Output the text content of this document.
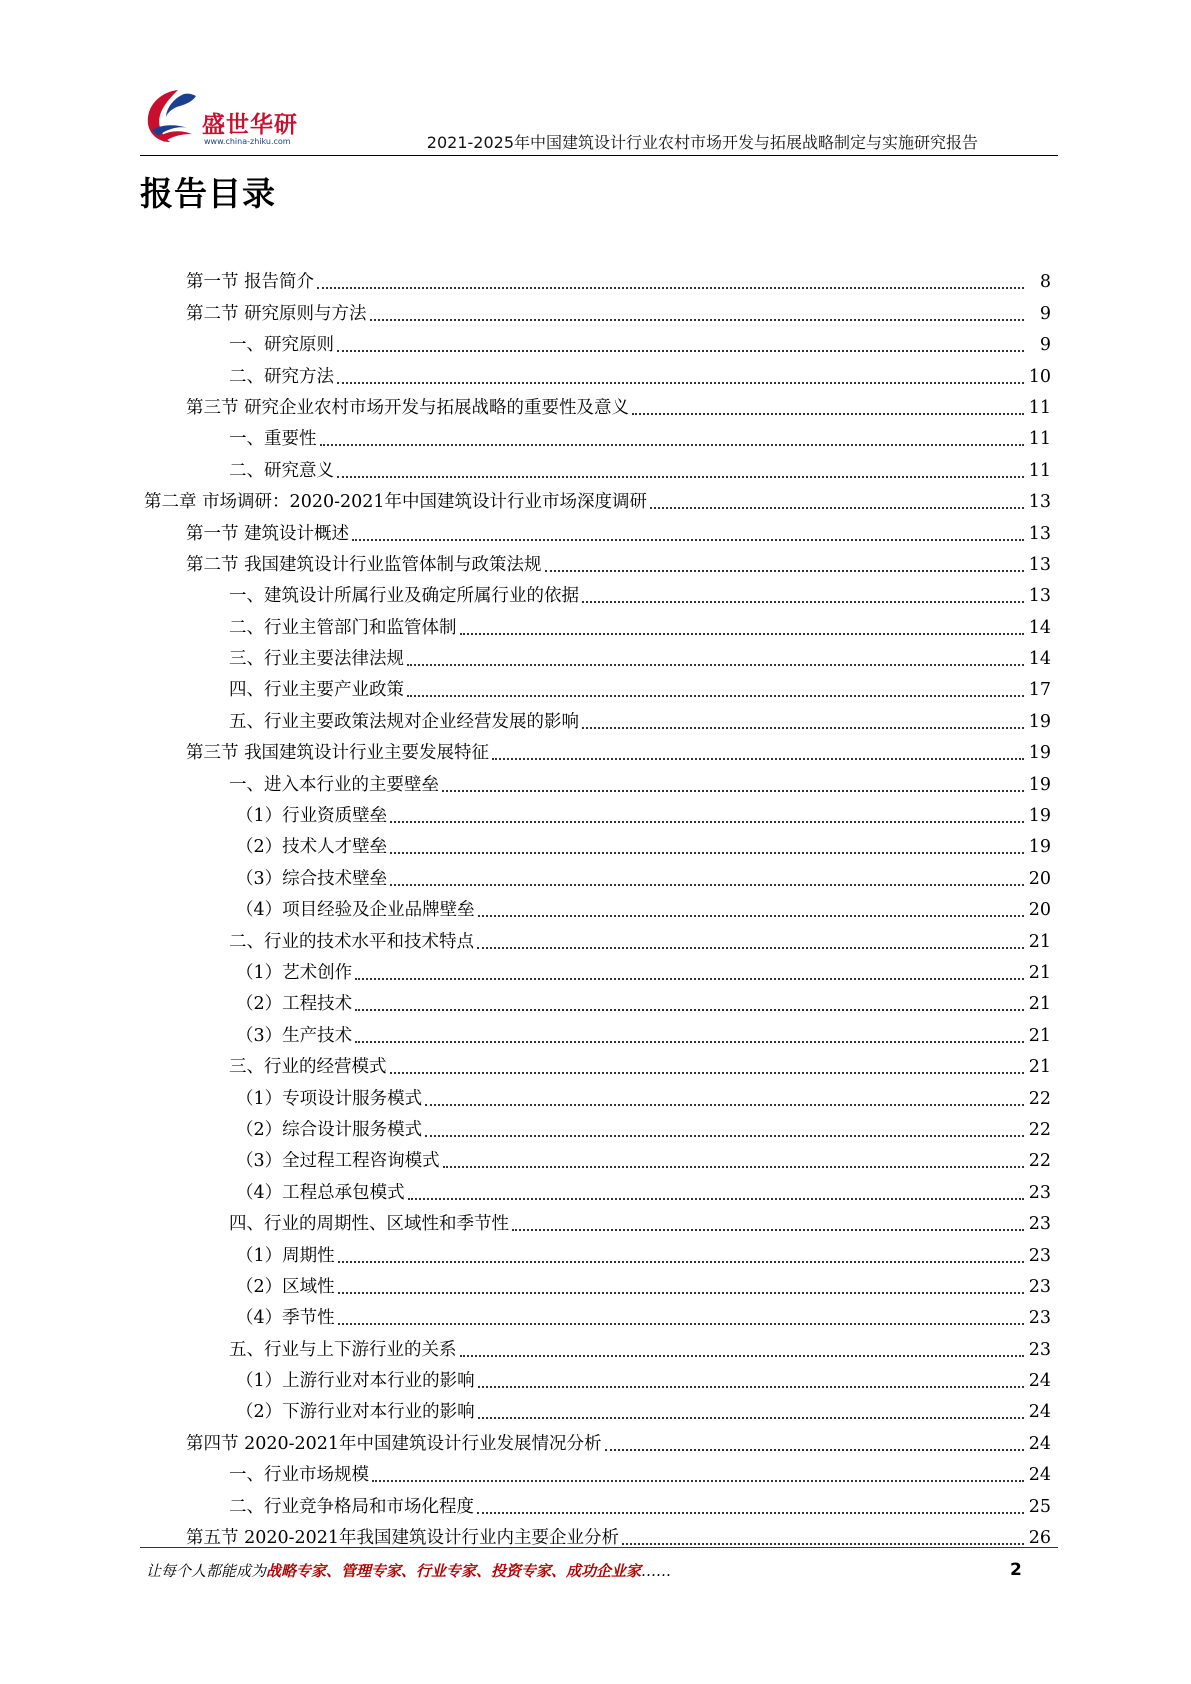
盛世华研
www.china-zhiku.com	2021-2025年中国建筑设计行业农村市场开发与拓展战略制定与实施研究报告
报告目录
第一节 报告简介	8
第二节 研究原则与方法	9
一、研究原则	9
二、研究方法	10
第三节 研究企业农村市场开发与拓展战略的重要性及意义	11
一、重要性	11
二、研究意义	11
第二章 市场调研：2020-2021年中国建筑设计行业市场深度调研	13
第一节 建筑设计概述	13
第二节 我国建筑设计行业监管体制与政策法规	13
一、建筑设计所属行业及确定所属行业的依据	13
二、行业主管部门和监管体制	14
三、行业主要法律法规	14
四、行业主要产业政策	17
五、行业主要政策法规对企业经营发展的影响	19
第三节 我国建筑设计行业主要发展特征	19
一、进入本行业的主要壁垒	19
（1）行业资质壁垒	19
（2）技术人才壁垒	19
（3）综合技术壁垒	20
（4）项目经验及企业品牌壁垒	20
二、行业的技术水平和技术特点	21
（1）艺术创作	21
（2）工程技术	21
（3）生产技术	21
三、行业的经营模式	21
（1）专项设计服务模式	22
（2）综合设计服务模式	22
（3）全过程工程咨询模式	22
（4）工程总承包模式	23
四、行业的周期性、区域性和季节性	23
（1）周期性	23
（2）区域性	23
（4）季节性	23
五、行业与上下游行业的关系	23
（1）上游行业对本行业的影响	24
（2）下游行业对本行业的影响	24
第四节 2020-2021年中国建筑设计行业发展情况分析	24
一、行业市场规模	24
二、行业竞争格局和市场化程度	25
第五节 2020-2021年我国建筑设计行业内主要企业分析	26
让每个人都能成为战略专家、管理专家、行业专家、投资专家、成功企业家……	2
